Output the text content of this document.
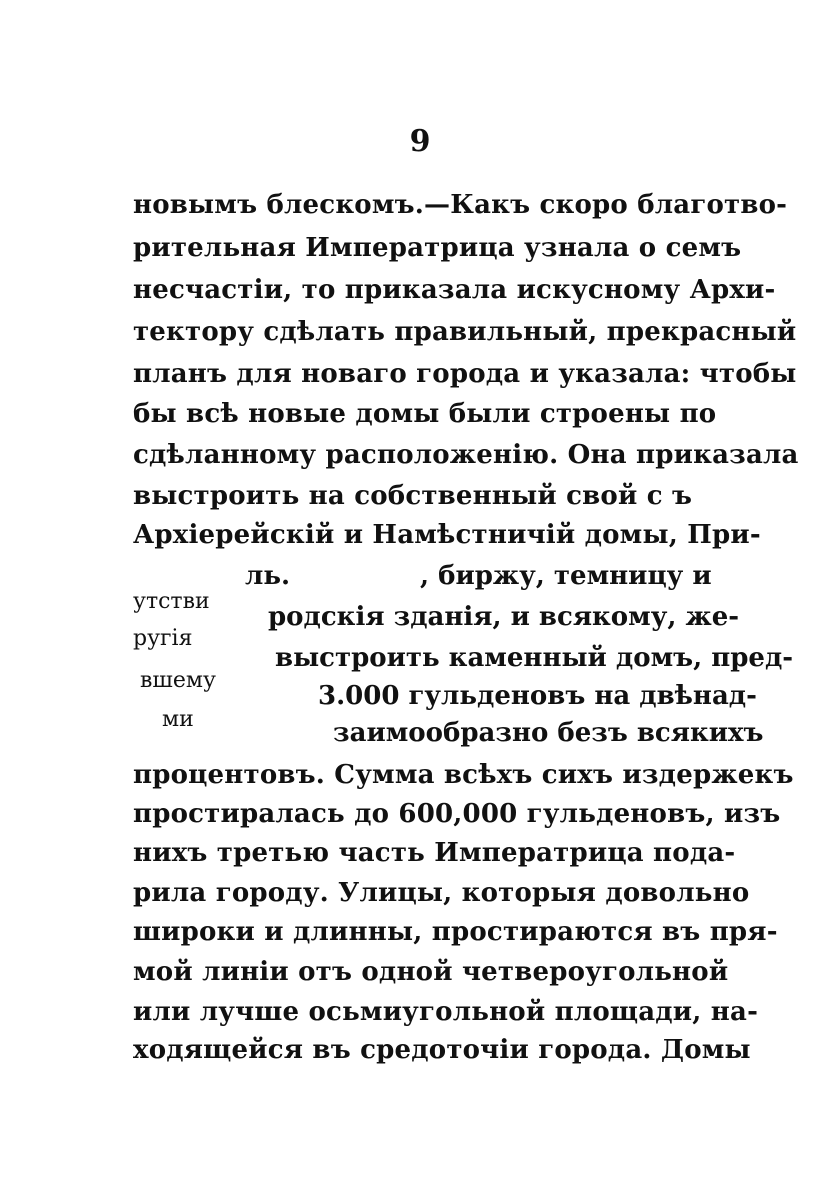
9
новымъ блескомъ.—Какъ скоро благотво-
рительная Императрица узнала о семъ
несчастіи, то приказала искусному Архи-
тектору сдѣлать правильный, прекрасный
планъ для новаго города и указала: чтобы
бы всѣ новые домы были строены по
сдѣланному расположенію. Она приказала
выстроить на собственный свой с ъ
Архіерейскій и Намѣстничій домы, При-
ль.	, биржу, темницу и
утстви
родскія зданія, и всякому, же-
ругія
выстроить каменный домъ, пред-
вшему
3.000 гульденовъ на двѣнад-
ми	заимообразно безъ всякихъ
процентовъ. Сумма всѣхъ сихъ издержекъ
простиралась до 600,000 гульденовъ, изъ
нихъ третью часть Императрица пода-
рила городу. Улицы, которыя довольно
широки и длинны, простираются въ пря-
мой линіи отъ одной четвероугольной
или лучше осьмиугольной площади, на-
ходящейся въ средоточіи города. Домы
